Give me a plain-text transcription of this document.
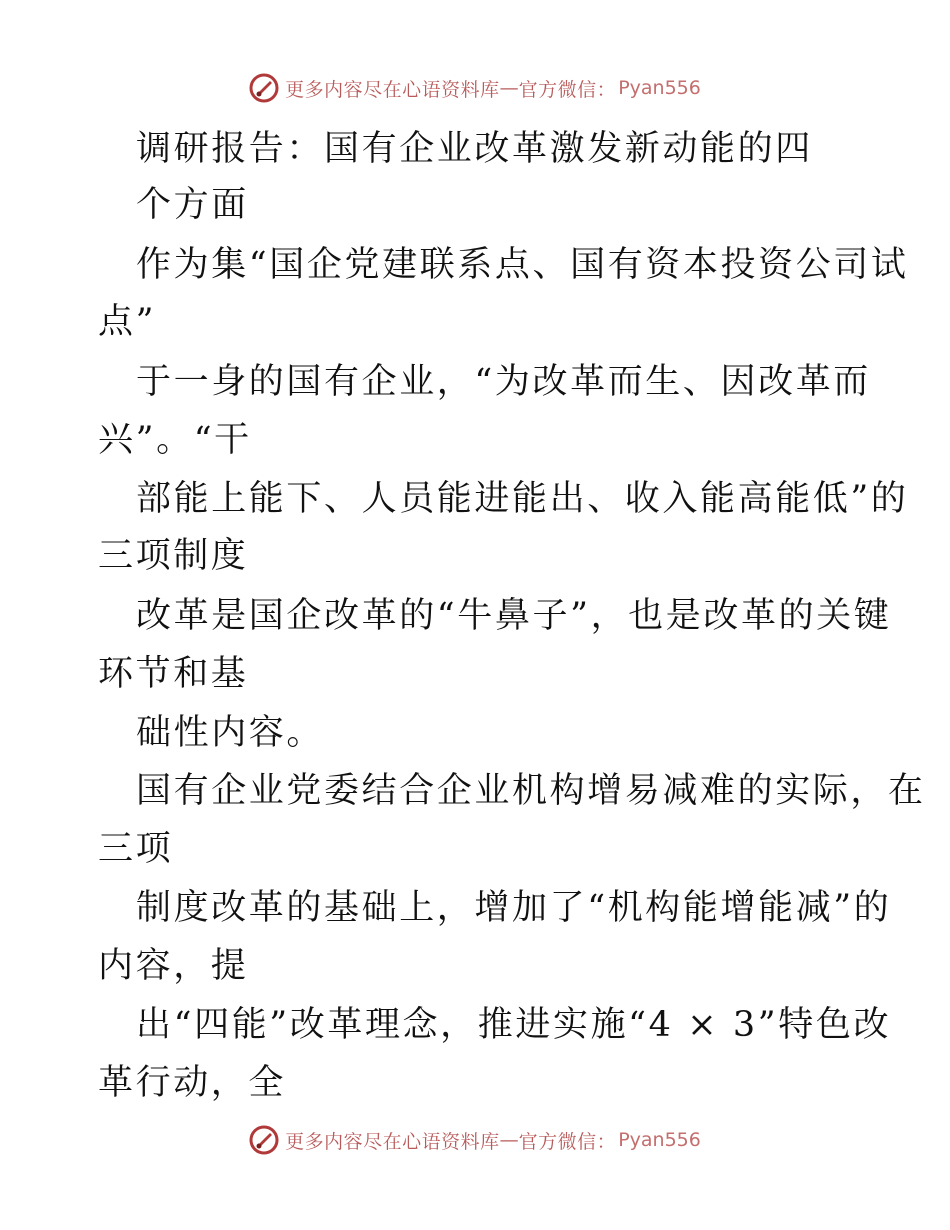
更多内容尽在心语资料库 — 官方微信： Pyan556
调研报告：国有企业改革激发新动能的四
个方面
作为集“国企党建联系点、国有资本投资公司试
点”
于一身的国有企业，“为改革而生、因改革而
兴”。“干
部能上能下、人员能进能出、收入能高能低”的
三项制度
改革是国企改革的“牛鼻子”，也是改革的关键
环节和基
础性内容。
国有企业党委结合企业机构增易减难的实际，在
三项
制度改革的基础上，增加了“机构能增能减”的
内容，提
出“四能”改革理念，推进实施“4 × 3”特色改
革行动，全
更多内容尽在心语资料库 — 官方微信： Pyan556
